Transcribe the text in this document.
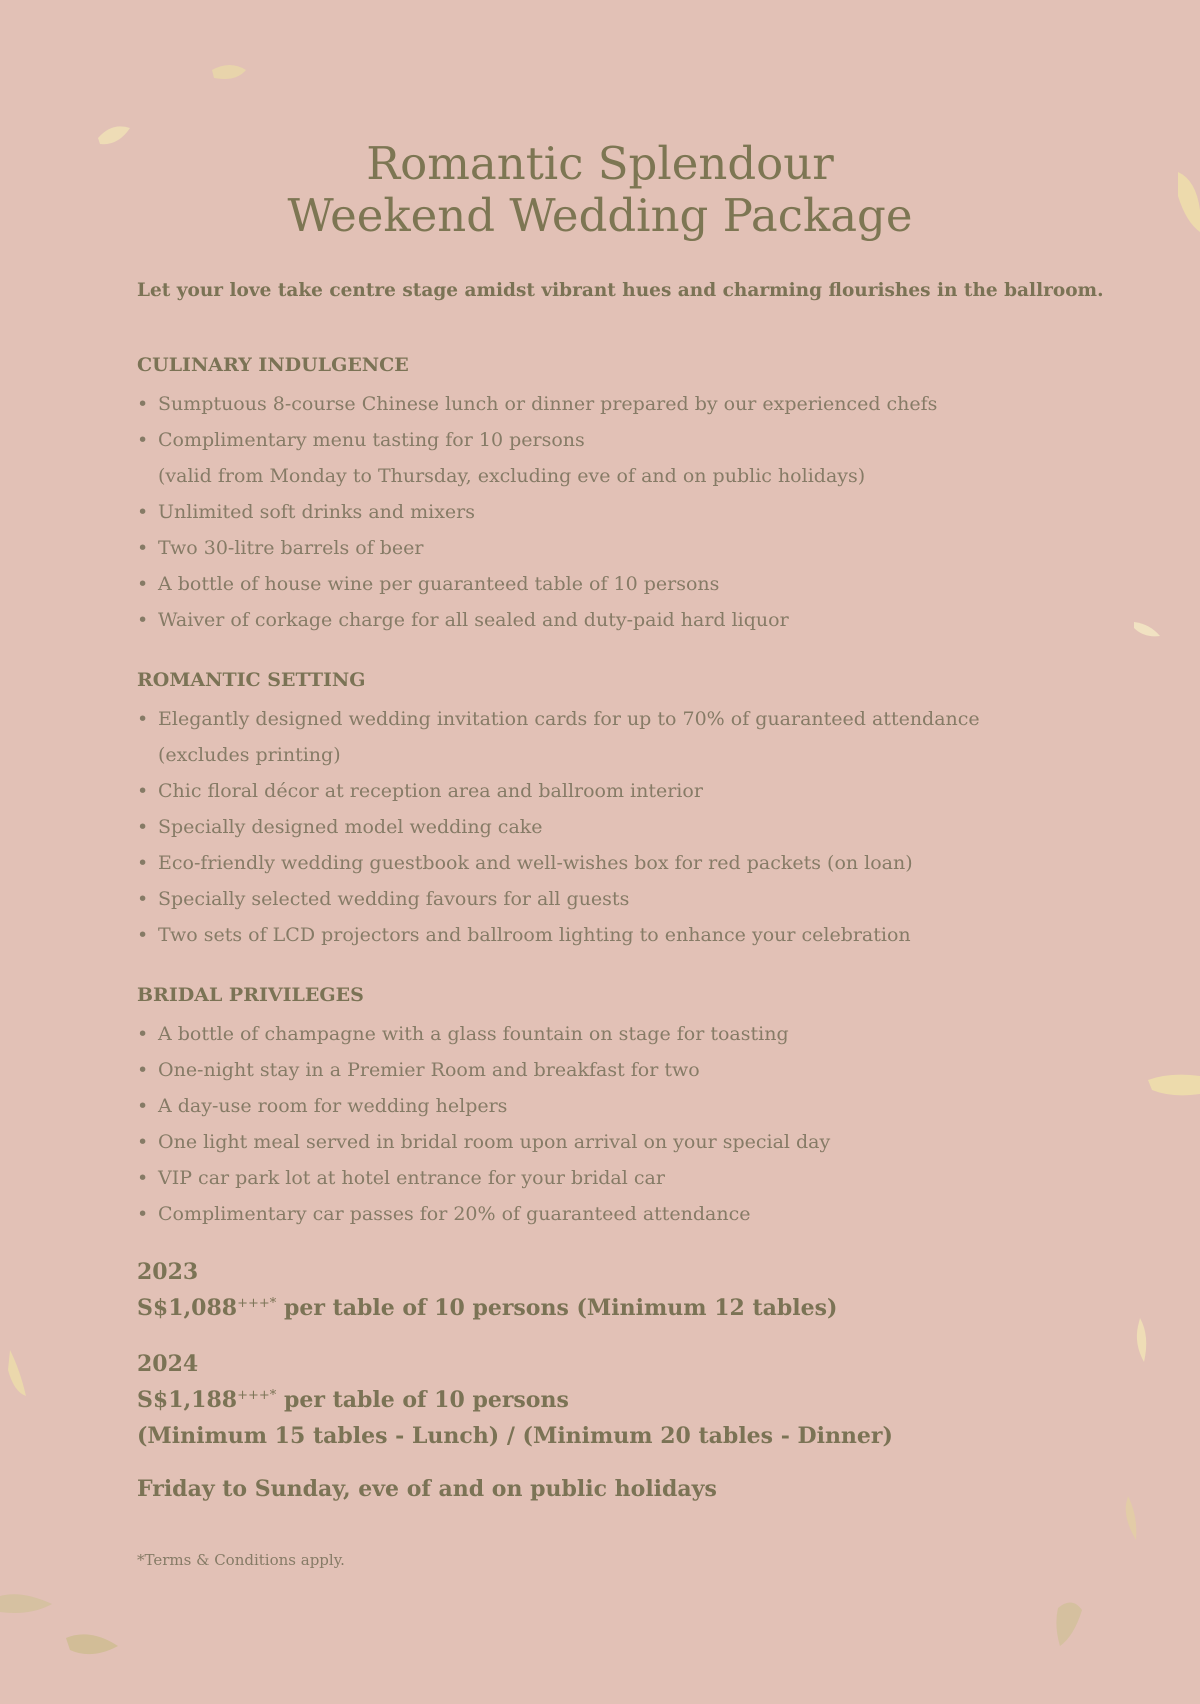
Romantic Splendour
Weekend Wedding Package

Let your love take centre stage amidst vibrant hues and charming flourishes in the ballroom.

CULINARY INDULGENCE
• Sumptuous 8-course Chinese lunch or dinner prepared by our experienced chefs
• Complimentary menu tasting for 10 persons
(valid from Monday to Thursday, excluding eve of and on public holidays)
• Unlimited soft drinks and mixers
• Two 30-litre barrels of beer
• A bottle of house wine per guaranteed table of 10 persons
• Waiver of corkage charge for all sealed and duty-paid hard liquor
ROMANTIC SETTING
• Elegantly designed wedding invitation cards for up to 70% of guaranteed attendance
(excludes printing)
• Chic floral décor at reception area and ballroom interior
• Specially designed model wedding cake
• Eco-friendly wedding guestbook and well-wishes box for red packets (on loan)
• Specially selected wedding favours for all guests
• Two sets of LCD projectors and ballroom lighting to enhance your celebration
BRIDAL PRIVILEGES
• A bottle of champagne with a glass fountain on stage for toasting
• One-night stay in a Premier Room and breakfast for two
• A day-use room for wedding helpers
• One light meal served in bridal room upon arrival on your special day
• VIP car park lot at hotel entrance for your bridal car
• Complimentary car passes for 20% of guaranteed attendance
2023
S$1,088+++* per table of 10 persons (Minimum 12 tables)
2024
S$1,188+++* per table of 10 persons
(Minimum 15 tables - Lunch) / (Minimum 20 tables - Dinner)

Friday to Sunday, eve of and on public holidays

*Terms & Conditions apply.
